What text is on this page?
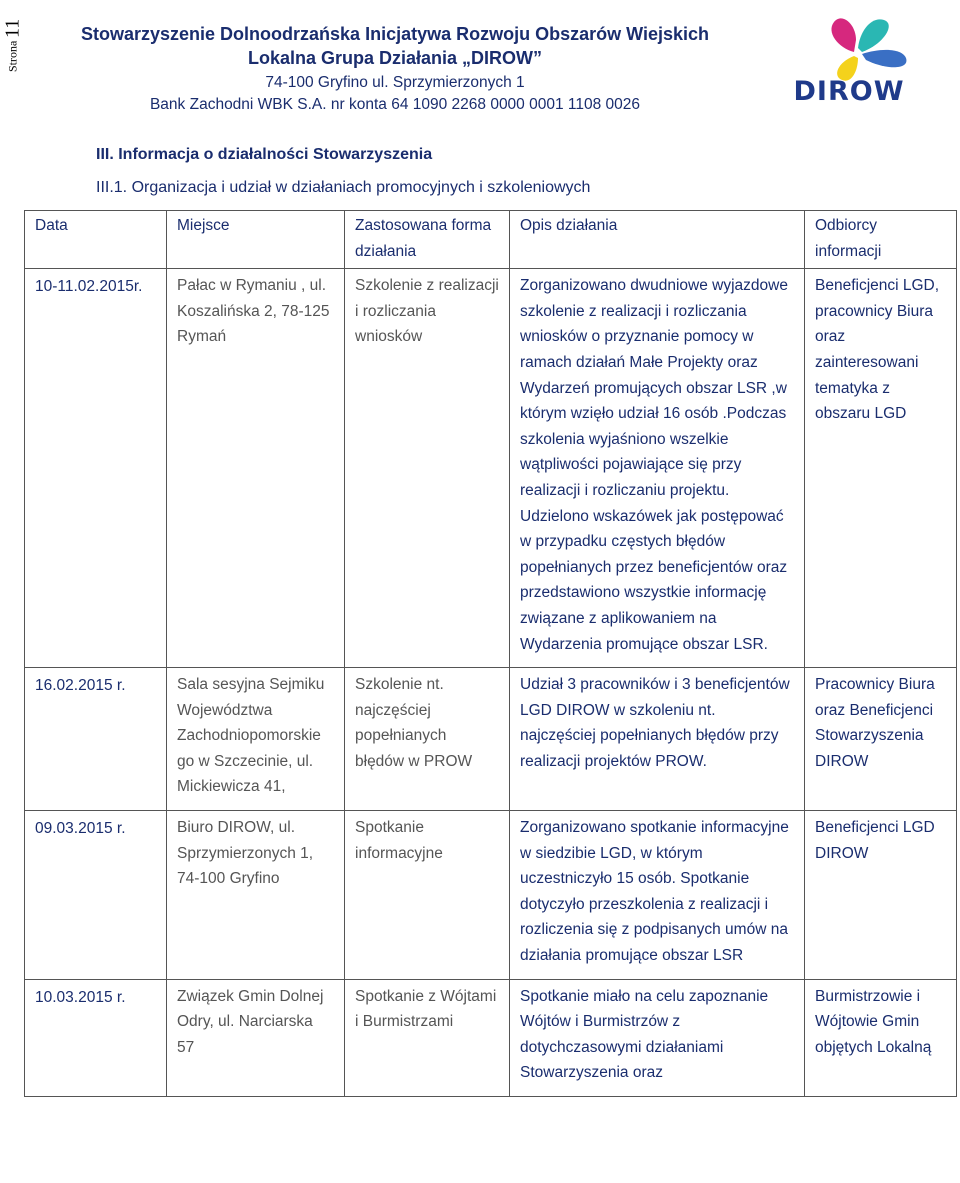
Strona
11	Stowarzyszenie Dolnoodrzańska Inicjatywa Rozwoju Obszarów Wiejskich
Lokalna Grupa Działania „DIROW”
74-100 Gryfino ul. Sprzymierzonych 1
Bank Zachodni WBK S.A. nr konta 64 1090 2268 0000 0001 1108 0026	DIROW
III. Informacja o działalności Stowarzyszenia
III.1. Organizacja i udział w działaniach promocyjnych i szkoleniowych
Data	Miejsce	Zastosowana forma działania	Opis działania	Odbiorcy informacji
10-11.02.2015r.	Pałac w Rymaniu , ul. Koszalińska 2, 78-125 Rymań	Szkolenie z realizacji i rozliczania wniosków	Zorganizowano dwudniowe wyjazdowe szkolenie z realizacji i rozliczania wniosków o przyznanie pomocy w ramach działań Małe Projekty oraz Wydarzeń promujących obszar LSR ,w którym wzięło udział 16 osób .Podczas szkolenia wyjaśniono wszelkie wątpliwości pojawiające się przy realizacji i rozliczaniu projektu. Udzielono wskazówek jak postępować w przypadku częstych błędów popełnianych przez beneficjentów oraz przedstawiono wszystkie informację związane z aplikowaniem na Wydarzenia promujące obszar LSR.	Beneficjenci LGD, pracownicy Biura oraz zainteresowani tematyka z obszaru LGD
16.02.2015 r.	Sala sesyjna Sejmiku Województwa Zachodniopomorskie go w Szczecinie, ul. Mickiewicza 41,	Szkolenie nt. najczęściej popełnianych błędów w PROW	Udział 3 pracowników i 3 beneficjentów LGD DIROW w szkoleniu nt. najczęściej popełnianych błędów przy realizacji projektów PROW.	Pracownicy Biura oraz Beneficjenci Stowarzyszenia DIROW
09.03.2015 r.	Biuro DIROW, ul. Sprzymierzonych 1, 74-100 Gryfino	Spotkanie informacyjne	Zorganizowano spotkanie informacyjne w siedzibie LGD, w którym uczestniczyło 15 osób. Spotkanie dotyczyło przeszkolenia z realizacji i rozliczenia się z podpisanych umów na działania promujące obszar LSR	Beneficjenci LGD DIROW
10.03.2015 r.	Związek Gmin Dolnej Odry, ul. Narciarska 57	Spotkanie z Wójtami i Burmistrzami	Spotkanie miało na celu zapoznanie Wójtów i Burmistrzów z dotychczasowymi działaniami Stowarzyszenia oraz	Burmistrzowie i Wójtowie Gmin objętych Lokalną
